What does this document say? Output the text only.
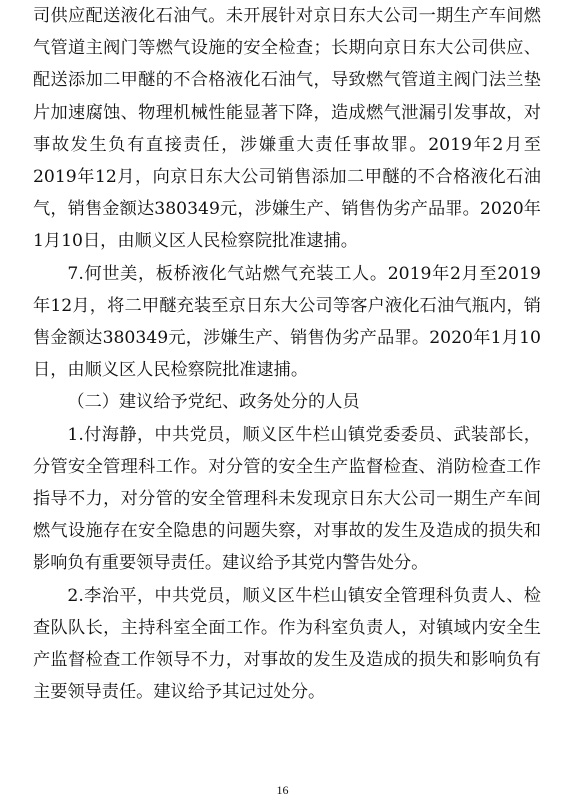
司供应配送液化石油气。未开展针对京日东大公司一期生产车间燃气管道主阀门等燃气设施的安全检查；长期向京日东大公司供应、配送添加二甲醚的不合格液化石油气，导致燃气管道主阀门法兰垫片加速腐蚀、物理机械性能显著下降，造成燃气泄漏引发事故，对事故发生负有直接责任，涉嫌重大责任事故罪。2019年2月至2019年12月，向京日东大公司销售添加二甲醚的不合格液化石油气，销售金额达380349元，涉嫌生产、销售伪劣产品罪。2020年1月10日，由顺义区人民检察院批准逮捕。

7.何世美，板桥液化气站燃气充装工人。2019年2月至2019年12月，将二甲醚充装至京日东大公司等客户液化石油气瓶内，销售金额达380349元，涉嫌生产、销售伪劣产品罪。2020年1月10日，由顺义区人民检察院批准逮捕。

（二）建议给予党纪、政务处分的人员

1.付海静，中共党员，顺义区牛栏山镇党委委员、武装部长，分管安全管理科工作。对分管的安全生产监督检查、消防检查工作指导不力，对分管的安全管理科未发现京日东大公司一期生产车间燃气设施存在安全隐患的问题失察，对事故的发生及造成的损失和影响负有重要领导责任。建议给予其党内警告处分。

2.李治平，中共党员，顺义区牛栏山镇安全管理科负责人、检查队队长，主持科室全面工作。作为科室负责人，对镇域内安全生产监督检查工作领导不力，对事故的发生及造成的损失和影响负有主要领导责任。建议给予其记过处分。

16
